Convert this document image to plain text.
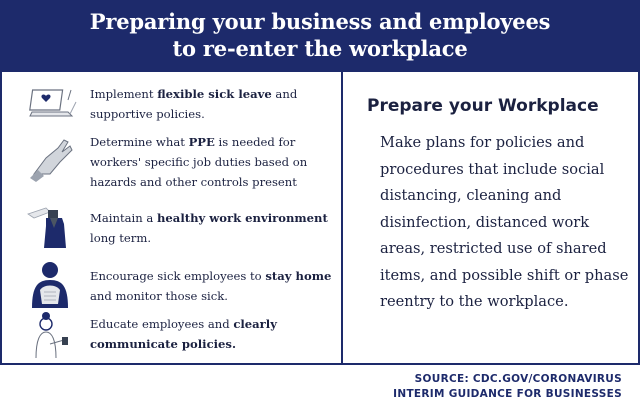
Preparing your business and employees
to re-enter the workplace
Implement flexible sick leave and supportive policies.
Determine what PPE is needed for workers' specific job duties based on hazards and other controls present
Maintain a healthy work environment long term.
Encourage sick employees to stay home and monitor those sick.
Educate employees and clearly communicate policies.
Prepare your Workplace
Make plans for policies and procedures that include social distancing, cleaning and disinfection, distanced work areas, restricted use of shared items, and possible shift or phase reentry to the workplace.
SOURCE: CDC.GOV/CORONAVIRUS
INTERIM GUIDANCE FOR BUSINESSES
